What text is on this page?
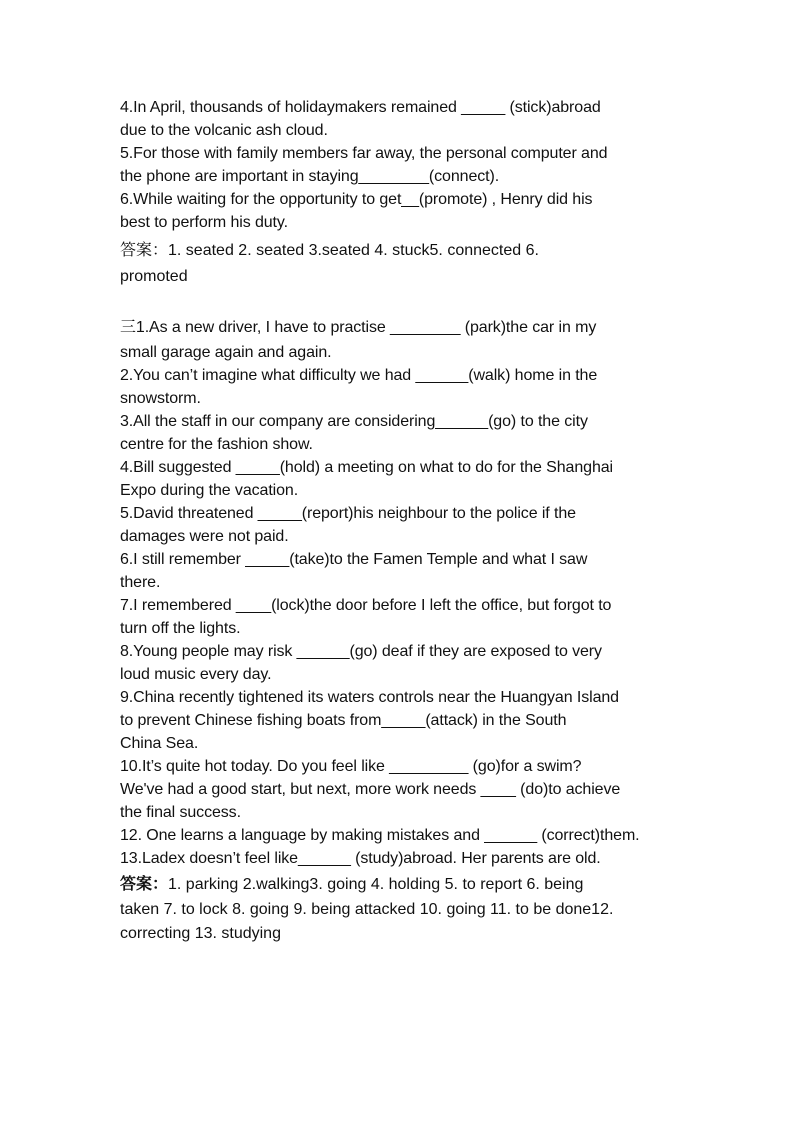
4.In April, thousands of holidaymakers remained _____ (stick)abroad
due to the volcanic ash cloud.
5.For those with family members far away, the personal computer and
the phone are important in staying________(connect).
6.While waiting for the opportunity to get__(promote) , Henry did his
best to perform his duty.
答案：1. seated 2. seated 3.seated 4. stuck5. connected 6.
promoted
三1.As a new driver, I have to practise ________ (park)the car in my
small garage again and again.
2.You can’t imagine what difficulty we had ______(walk) home in the
snowstorm.
3.All the staff in our company are considering______(go) to the city
centre for the fashion show.
4.Bill suggested _____(hold) a meeting on what to do for the Shanghai
Expo during the vacation.
5.David threatened _____(report)his neighbour to the police if the
damages were not paid.
6.I still remember _____(take)to the Famen Temple and what I saw
there.
7.I remembered ____(lock)the door before I left the office, but forgot to
turn off the lights.
8.Young people may risk ______(go) deaf if they are exposed to very
loud music every day.
9.China recently tightened its waters controls near the Huangyan Island
to prevent Chinese fishing boats from_____(attack) in the South
China Sea.
10.It’s quite hot today. Do you feel like _________ (go)for a swim?
We've had a good start, but next, more work needs ____ (do)to achieve
the final success.
12. One learns a language by making mistakes and ______ (correct)them.
13.Ladex doesn’t feel like______ (study)abroad. Her parents are old.
答案：1. parking 2.walking3. going 4. holding 5. to report 6. being
taken 7. to lock 8. going 9. being attacked 10. going 11. to be done12.
correcting 13. studying
